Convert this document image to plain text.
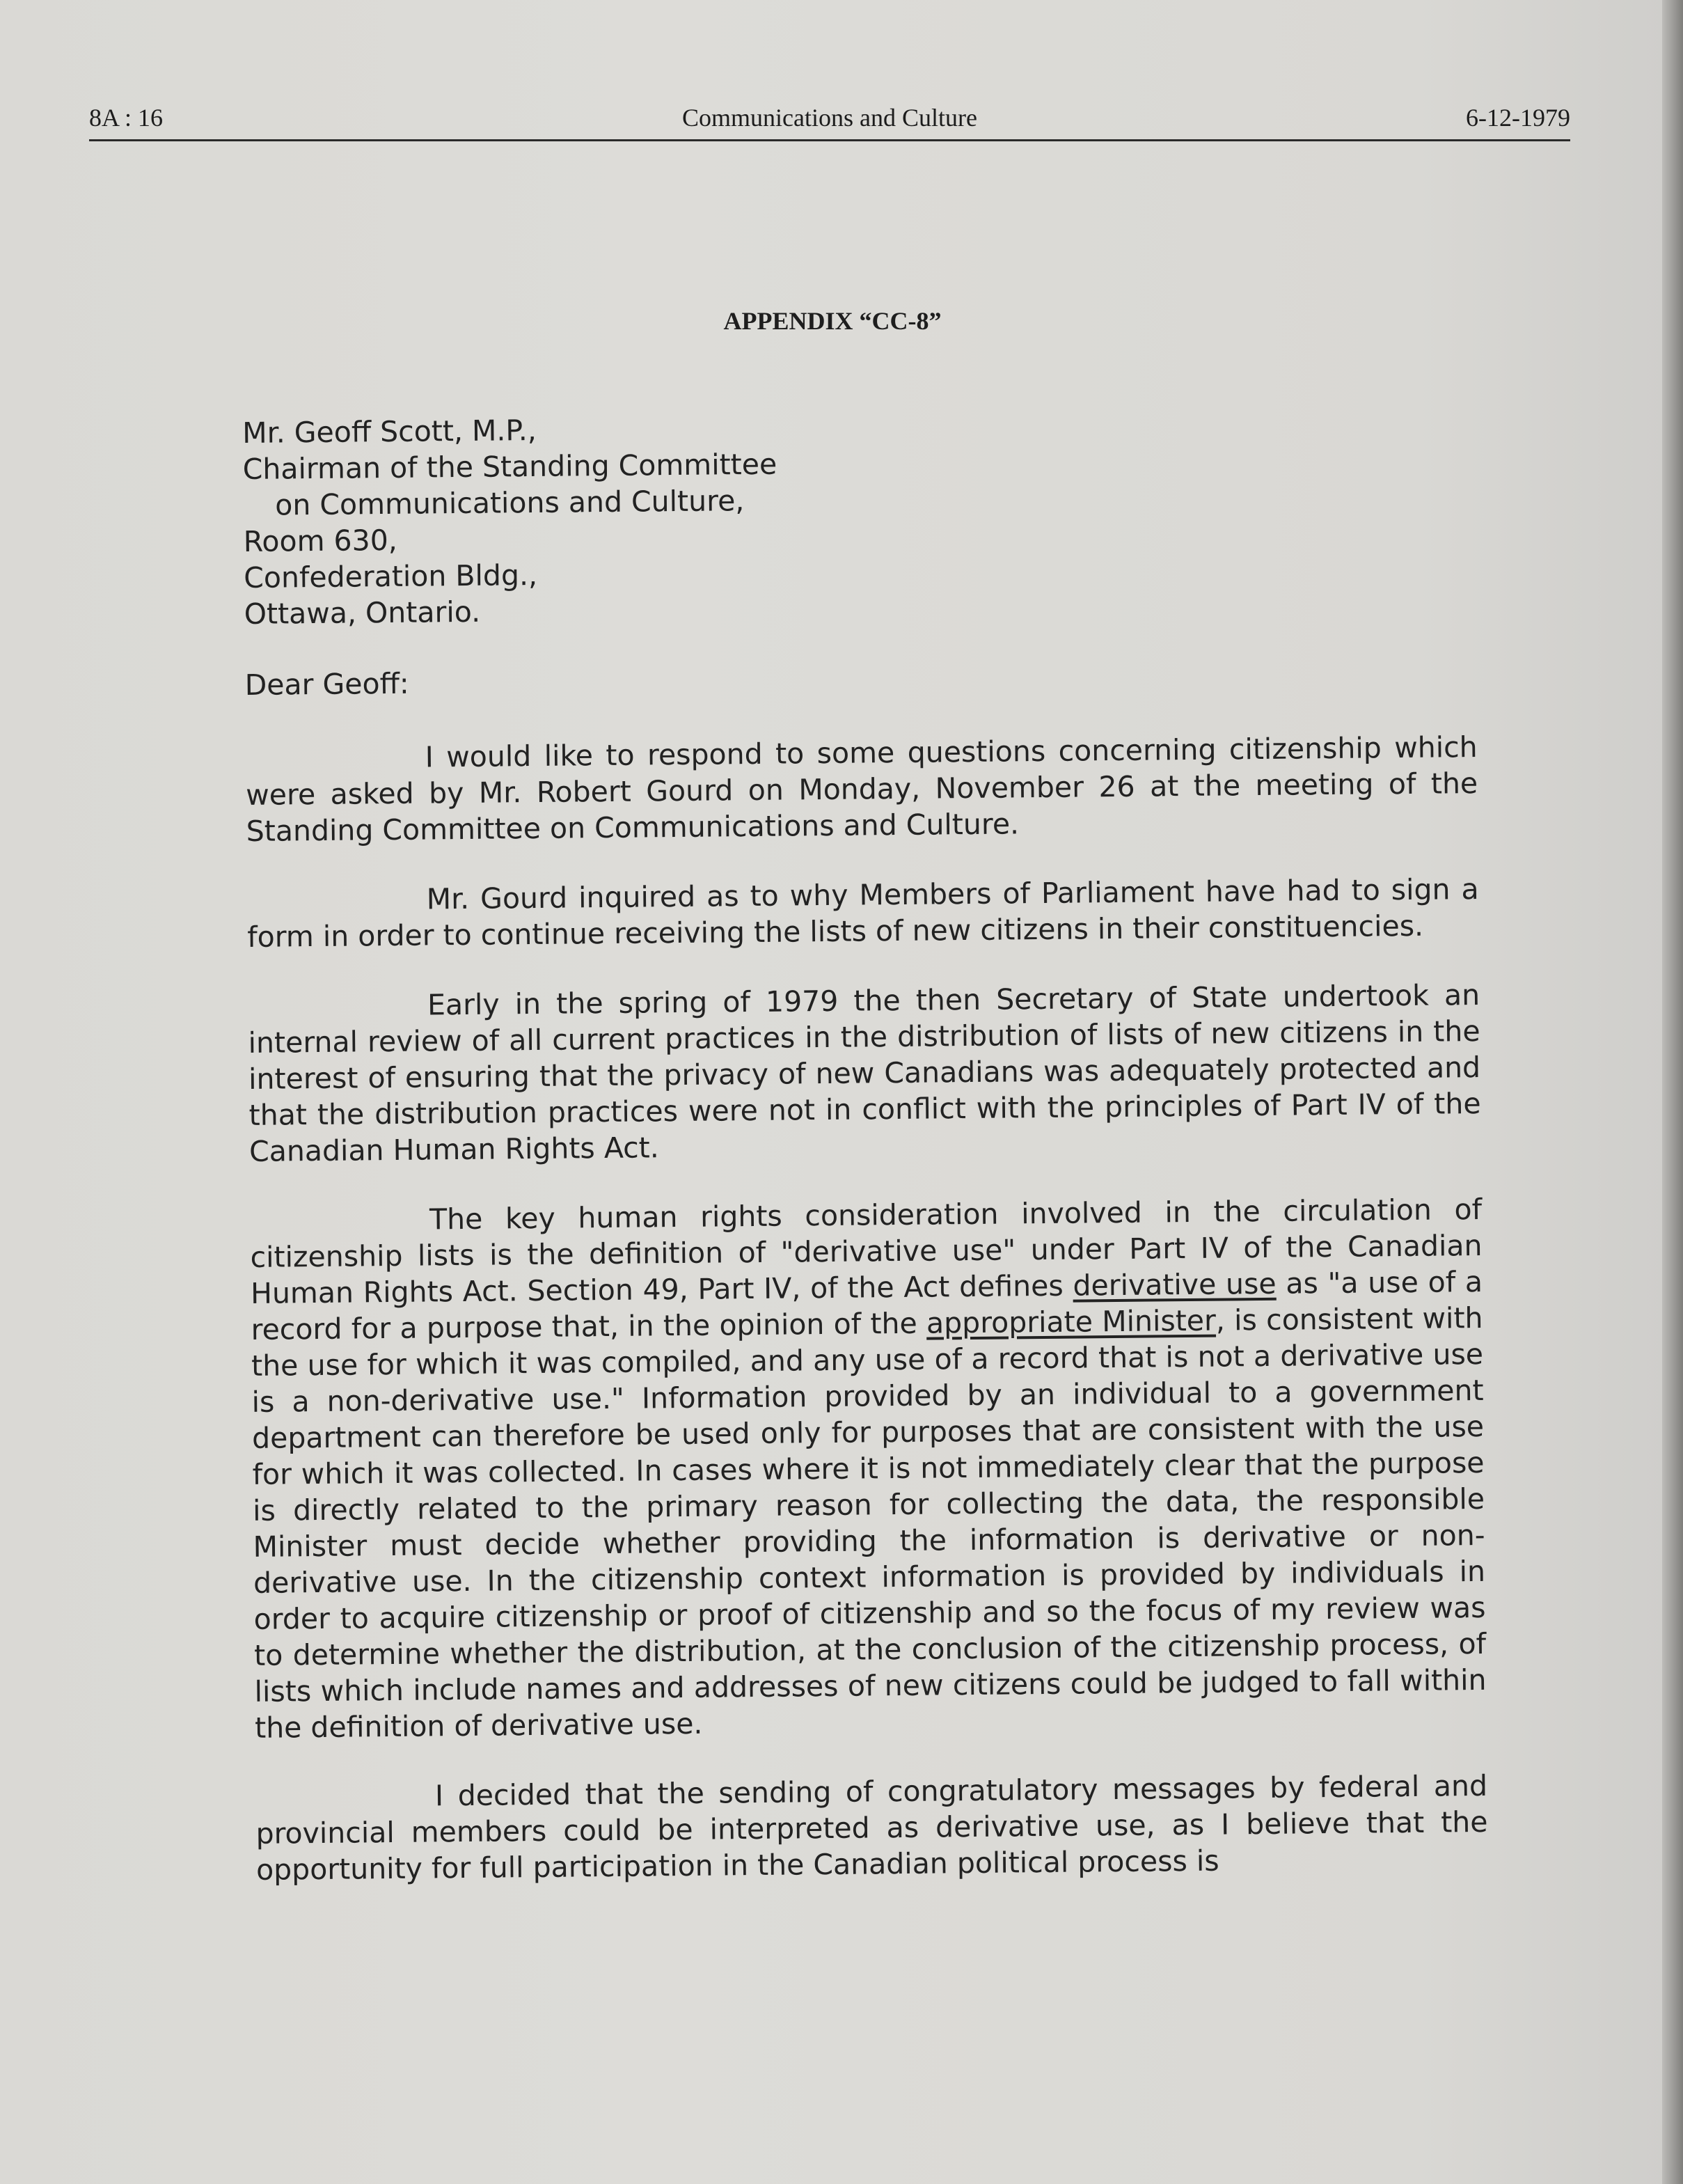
8A : 16	Communications and Culture	6-12-1979
APPENDIX “CC-8”
Mr. Geoff Scott, M.P.,
Chairman of the Standing Committee
on Communications and Culture,
Room 630,
Confederation Bldg.,
Ottawa, Ontario.
Dear Geoff:

I would like to respond to some questions concerning citizenship which were asked by Mr. Robert Gourd on Monday, November 26 at the meeting of the Standing Committee on Communications and Culture.

Mr. Gourd inquired as to why Members of Parliament have had to sign a form in order to continue receiving the lists of new citizens in their constituencies.

Early in the spring of 1979 the then Secretary of State undertook an internal review of all current practices in the distribution of lists of new citizens in the interest of ensuring that the privacy of new Canadians was adequately protected and that the distribution practices were not in conflict with the principles of Part IV of the Canadian Human Rights Act.

The key human rights consideration involved in the circulation of citizenship lists is the definition of "derivative use" under Part IV of the Canadian Human Rights Act. Section 49, Part IV, of the Act defines derivative use as "a use of a record for a purpose that, in the opinion of the appropriate Minister, is consistent with the use for which it was compiled, and any use of a record that is not a derivative use is a non-derivative use." Information provided by an individual to a government department can therefore be used only for purposes that are consistent with the use for which it was collected. In cases where it is not immediately clear that the purpose is directly related to the primary reason for collecting the data, the responsible Minister must decide whether providing the information is derivative or non-derivative use. In the citizenship context information is provided by individuals in order to acquire citizenship or proof of citizenship and so the focus of my review was to determine whether the distribution, at the conclusion of the citizenship process, of lists which include names and addresses of new citizens could be judged to fall within the definition of derivative use.

I decided that the sending of congratulatory messages by federal and provincial members could be interpreted as derivative use, as I believe that the opportunity for full participation in the Canadian political process is
